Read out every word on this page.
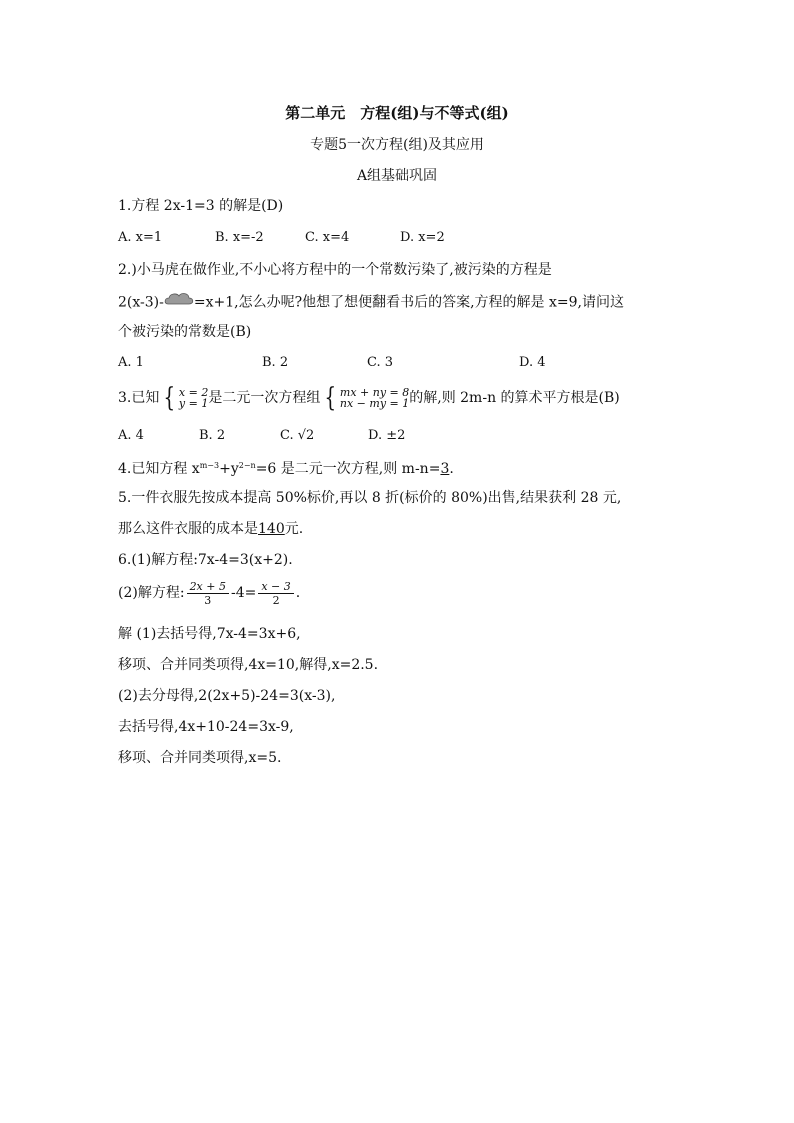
第二单元　方程(组)与不等式(组)
专题5一次方程(组)及其应用
A组基础巩固
1.方程 2x-1=3 的解是(D)
A. x=1	B. x=-2	C. x=4	D. x=2
2.)小马虎在做作业,不小心将方程中的一个常数污染了,被污染的方程是
2(x-3)- =x+1,怎么办呢?他想了想便翻看书后的答案,方程的解是 x=9,请问这
个被污染的常数是(B)
A. 1	B. 2	C. 3	D. 4
3.已知 { x = 2
y = 1 是二元一次方程组 { mx + ny = 8
nx − my = 1 的解,则 2m-n 的算术平方根是(B)
A. 4	B. 2	C. √2	D. ±2
4.已知方程 $x^{m-3}+y^{2-n}=6$ 是二元一次方程,则 m-n=3.
5.一件衣服先按成本提高 50%标价,再以 8 折(标价的 80%)出售,结果获利 28 元,
那么这件衣服的成本是140元.
6.(1)解方程:7x-4=3(x+2).
(2)解方程: $\frac{2x + 5}{3} -4= \frac{x - 3}{2}$ .
解 (1)去括号得,7x-4=3x+6,
移项、合并同类项得,4x=10,解得,x=2.5.
(2)去分母得,2(2x+5)-24=3(x-3),
去括号得,4x+10-24=3x-9,
移项、合并同类项得,x=5.
